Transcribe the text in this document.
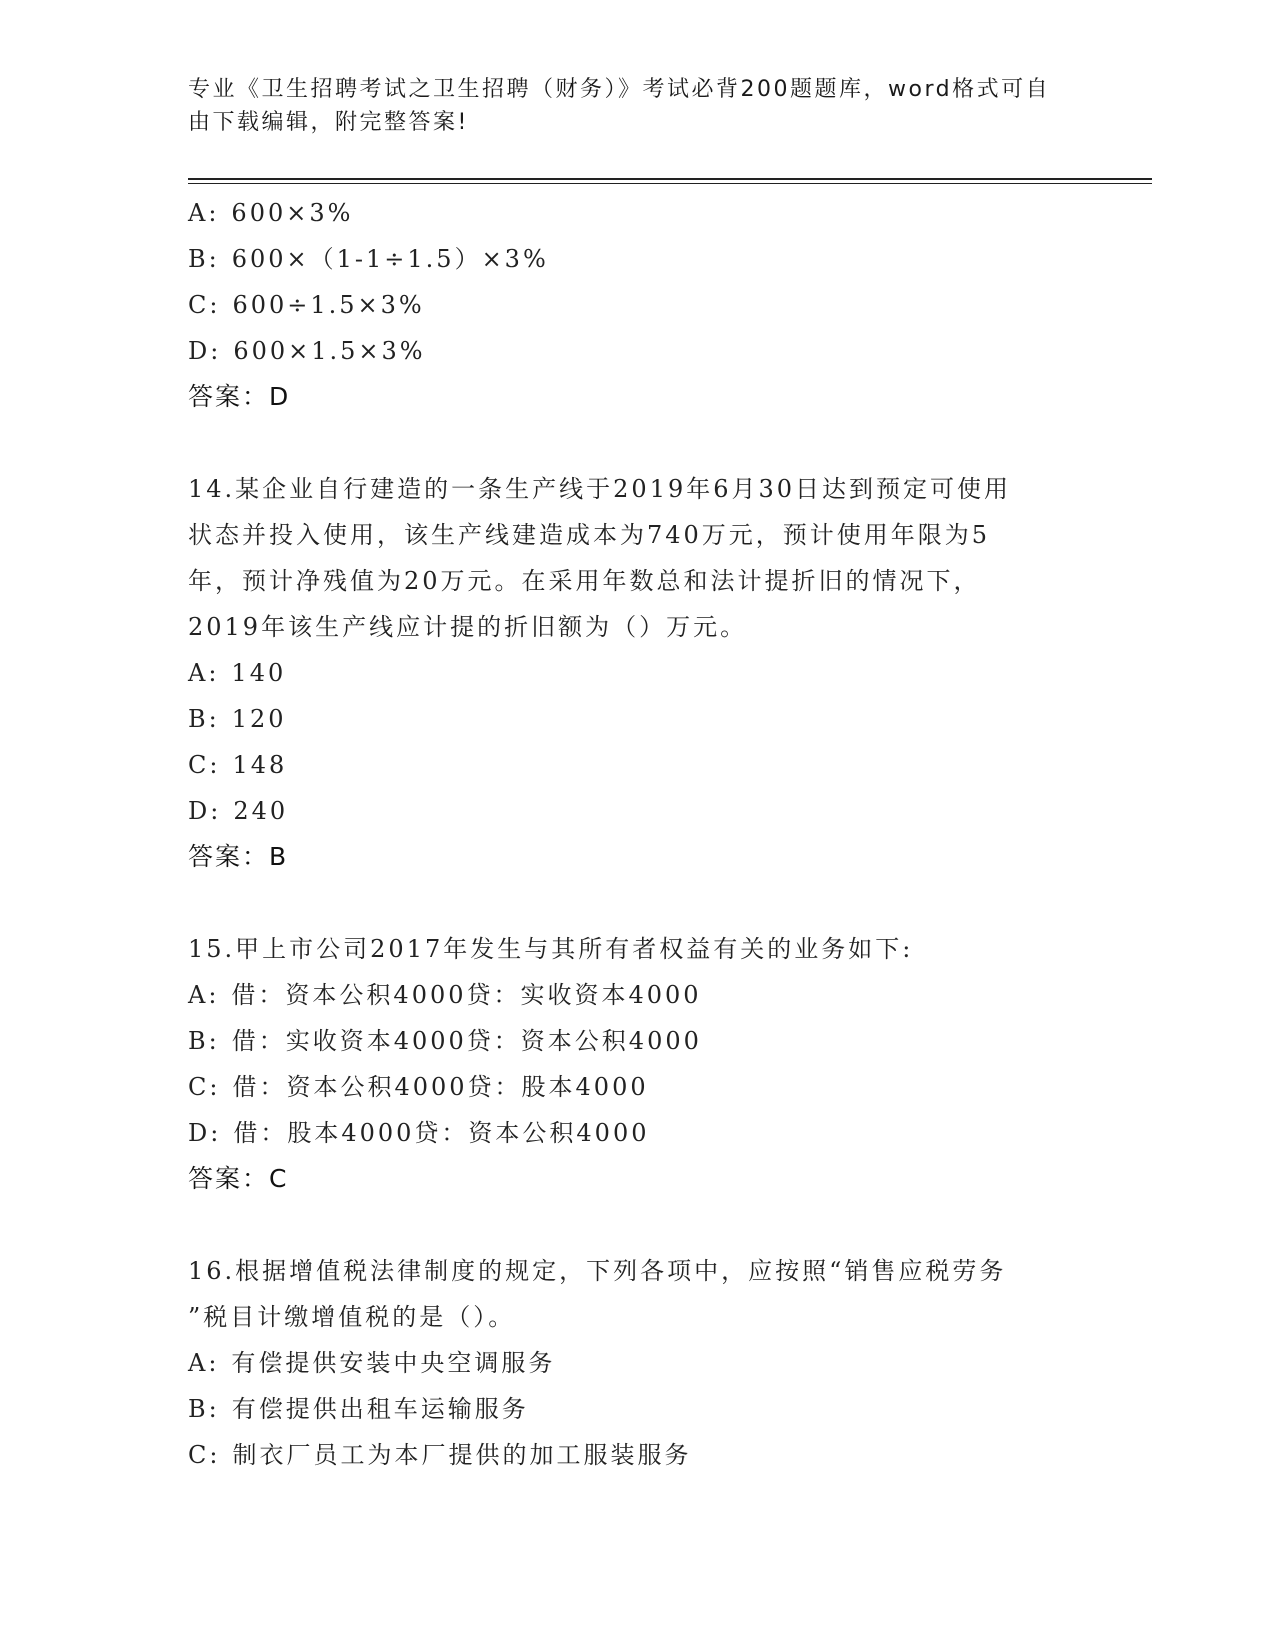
专业《卫生招聘考试之卫生招聘（财务）》考试必背200题题库，word格式可自
由下载编辑，附完整答案!
A: 600×3%
B: 600×（1-1÷1.5）×3%
C: 600÷1.5×3%
D: 600×1.5×3%
答案：D
14.某企业自行建造的一条生产线于2019年6月30日达到预定可使用
状态并投入使用，该生产线建造成本为740万元，预计使用年限为5
年，预计净残值为20万元。在采用年数总和法计提折旧的情况下，
2019年该生产线应计提的折旧额为（）万元。
A: 140
B: 120
C: 148
D: 240
答案：B
15.甲上市公司2017年发生与其所有者权益有关的业务如下:
A: 借：资本公积4000贷：实收资本4000
B: 借：实收资本4000贷：资本公积4000
C: 借：资本公积4000贷：股本4000
D: 借：股本4000贷：资本公积4000
答案：C
16.根据增值税法律制度的规定，下列各项中，应按照“销售应税劳务
”税目计缴增值税的是（）。
A: 有偿提供安装中央空调服务
B: 有偿提供出租车运输服务
C: 制衣厂员工为本厂提供的加工服装服务
